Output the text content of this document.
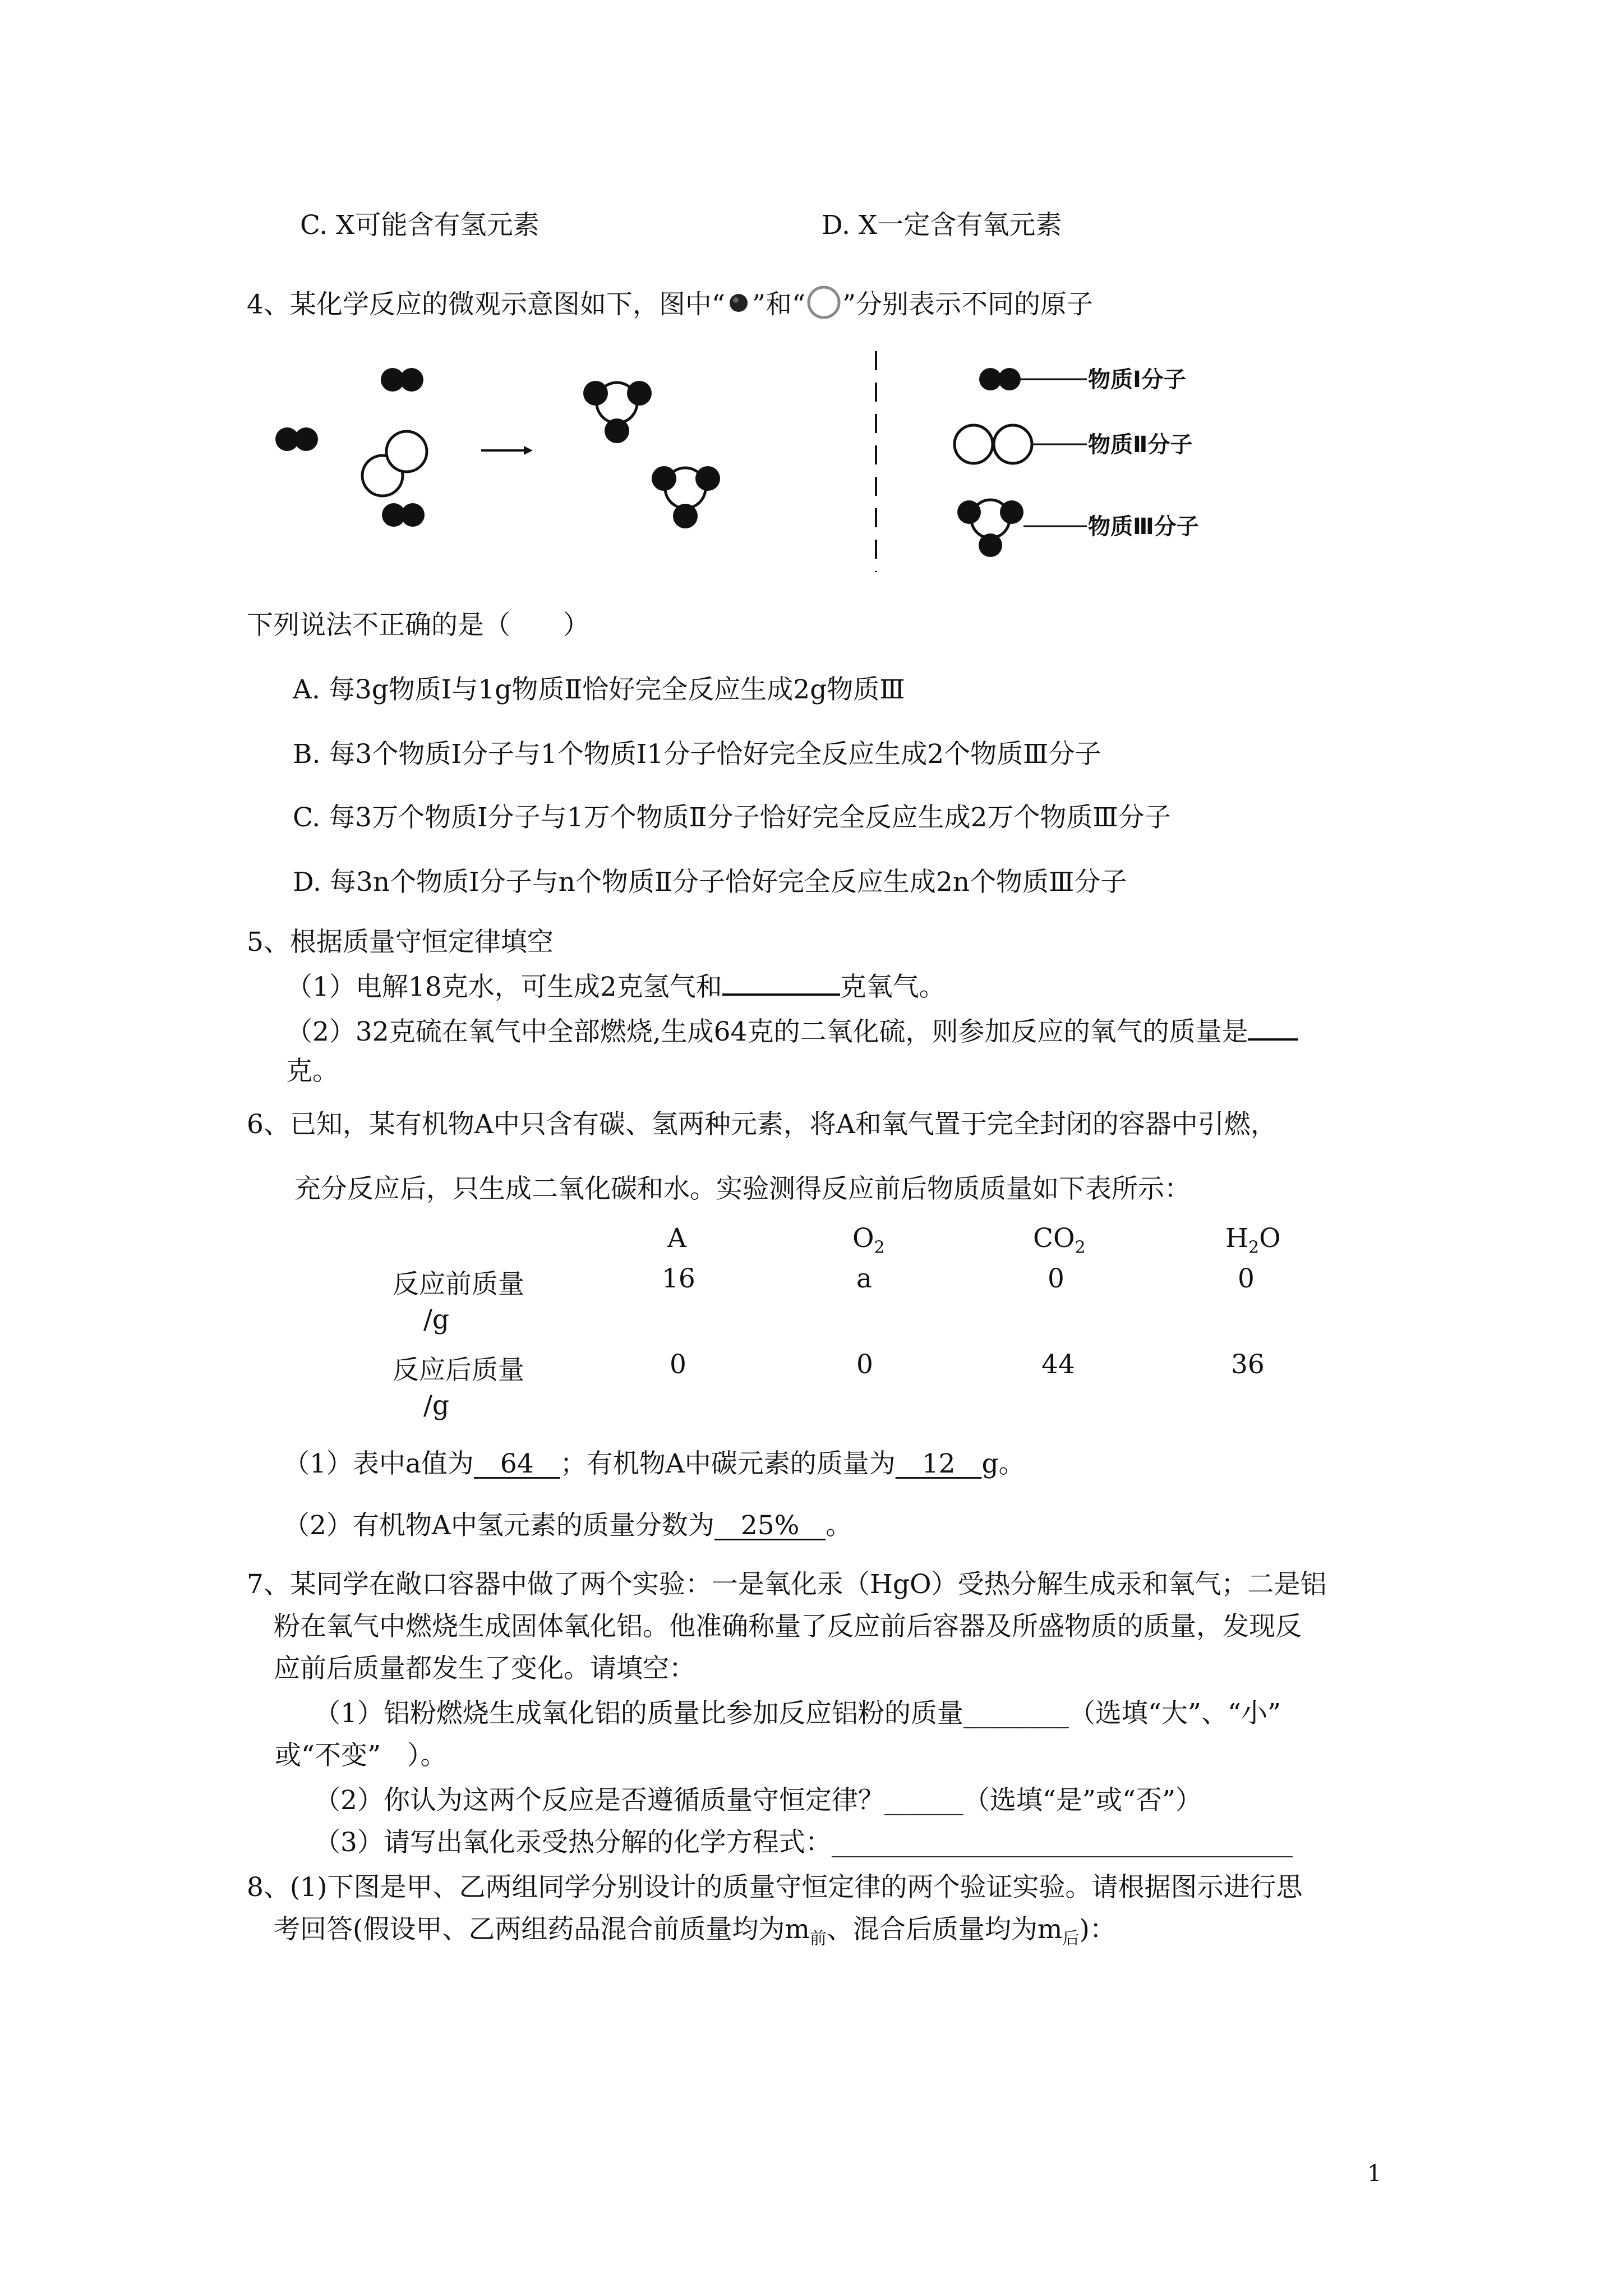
C. X可能含有氢元素	D. X一定含有氧元素
4、某化学反应的微观示意图如下，图中“ ”和“ ”分别表示不同的原子
物质Ⅰ分子
物质Ⅱ分子
物质Ⅲ分子
下列说法不正确的是（　　）
A. 每3g物质Ⅰ与1g物质Ⅱ恰好完全反应生成2g物质Ⅲ
B. 每3个物质Ⅰ分子与1个物质I1分子恰好完全反应生成2个物质Ⅲ分子
C. 每3万个物质Ⅰ分子与1万个物质Ⅱ分子恰好完全反应生成2万个物质Ⅲ分子
D. 每3n个物质Ⅰ分子与n个物质Ⅱ分子恰好完全反应生成2n个物质Ⅲ分子
5、根据质量守恒定律填空
（1）电解18克水，可生成2克氢气和	克氧气。
（2）32克硫在氧气中全部燃烧,生成64克的二氧化硫，则参加反应的氧气的质量是
克。
6、已知，某有机物A中只含有碳、氢两种元素，将A和氧气置于完全封闭的容器中引燃，
充分反应后，只生成二氧化碳和水。实验测得反应前后物质质量如下表所示：
A	$O_2$	$CO_2$	$H_2O$
反应前质量
/g
16	a	0	0
反应后质量
/g
0	0	44	36
（1）表中a值为　64　；有机物A中碳元素的质量为　12　g。
（2）有机物A中氢元素的质量分数为　25%　。
7、某同学在敞口容器中做了两个实验：一是氧化汞（HgO）受热分解生成汞和氧气；二是铝
粉在氧气中燃烧生成固体氧化铝。他准确称量了反应前后容器及所盛物质的质量，发现反
应前后质量都发生了变化。请填空：
（1）铝粉燃烧生成氧化铝的质量比参加反应铝粉的质量________（选填“大”、“小”
或“不变”　）。
（2）你认为这两个反应是否遵循质量守恒定律？______（选填“是”或“否”）
（3）请写出氧化汞受热分解的化学方程式：___________________________________
8、(1)下图是甲、乙两组同学分别设计的质量守恒定律的两个验证实验。请根据图示进行思
考回答(假设甲、乙两组药品混合前质量均为$m_前$、混合后质量均为$m_后$)：
1
